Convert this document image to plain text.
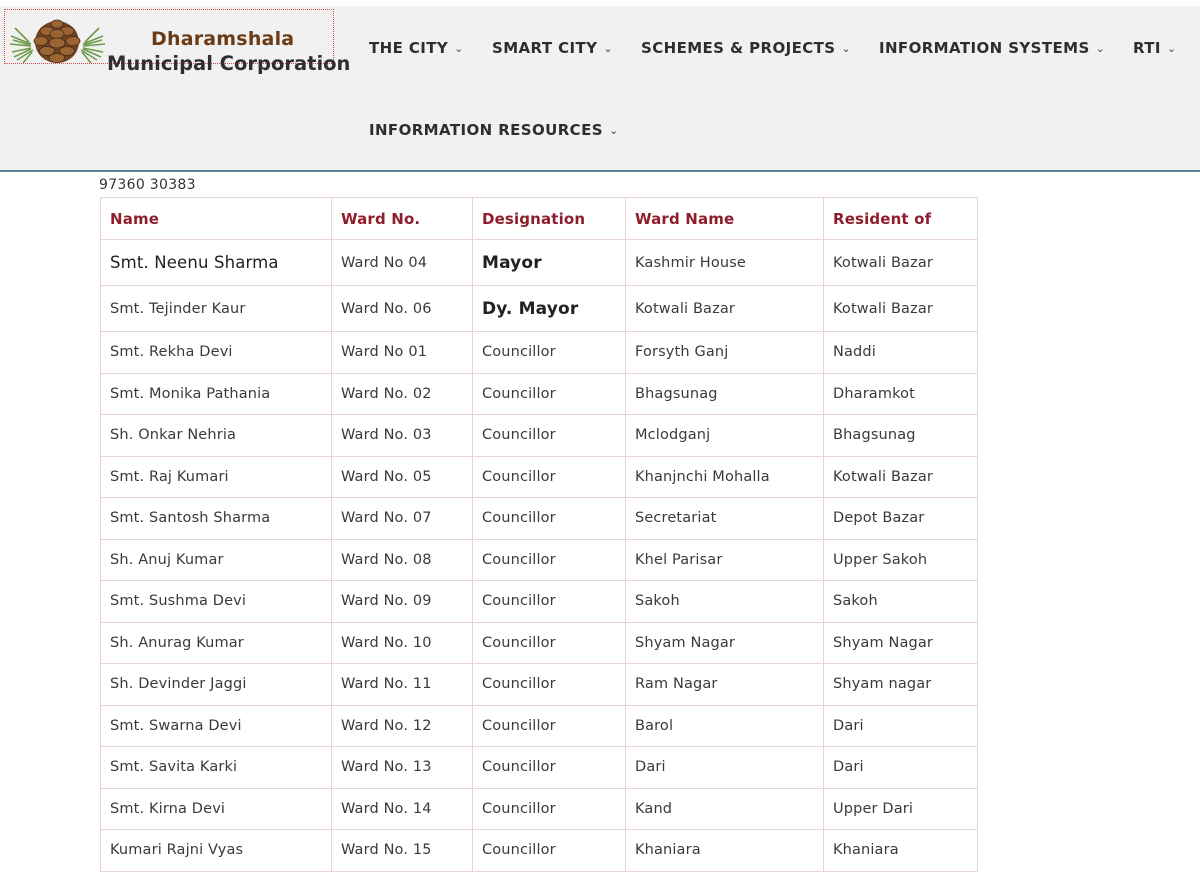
Dharamshala
Municipal Corporation
THE CITY ⌄ SMART CITY ⌄ SCHEMES & PROJECTS ⌄ INFORMATION SYSTEMS ⌄ RTI ⌄
INFORMATION RESOURCES ⌄
97360 30383
Name	Ward No.	Designation	Ward Name	Resident of
Smt. Neenu Sharma	Ward No 04	Mayor	Kashmir House	Kotwali Bazar
Smt. Tejinder Kaur	Ward No. 06	Dy. Mayor	Kotwali Bazar	Kotwali Bazar
Smt. Rekha Devi	Ward No 01	Councillor	Forsyth Ganj	Naddi
Smt. Monika Pathania	Ward No. 02	Councillor	Bhagsunag	Dharamkot
Sh. Onkar Nehria	Ward No. 03	Councillor	Mclodganj	Bhagsunag
Smt. Raj Kumari	Ward No. 05	Councillor	Khanjnchi Mohalla	Kotwali Bazar
Smt. Santosh Sharma	Ward No. 07	Councillor	Secretariat	Depot Bazar
Sh. Anuj Kumar	Ward No. 08	Councillor	Khel Parisar	Upper Sakoh
Smt. Sushma Devi	Ward No. 09	Councillor	Sakoh	Sakoh
Sh. Anurag Kumar	Ward No. 10	Councillor	Shyam Nagar	Shyam Nagar
Sh. Devinder Jaggi	Ward No. 11	Councillor	Ram Nagar	Shyam nagar
Smt. Swarna Devi	Ward No. 12	Councillor	Barol	Dari
Smt. Savita Karki	Ward No. 13	Councillor	Dari	Dari
Smt. Kirna Devi	Ward No. 14	Councillor	Kand	Upper Dari
Kumari Rajni Vyas	Ward No. 15	Councillor	Khaniara	Khaniara
